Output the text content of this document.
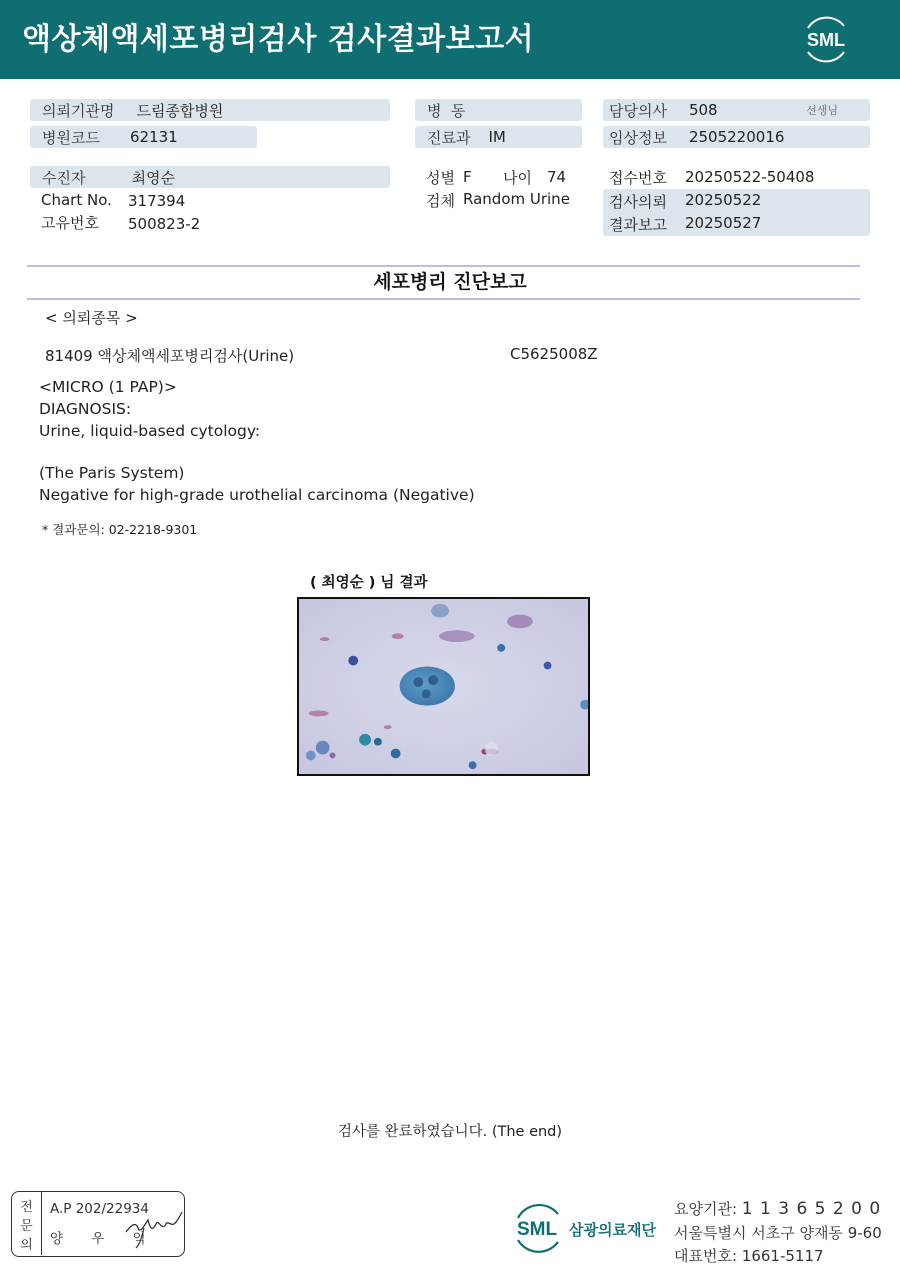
액상체액세포병리검사 검사결과보고서	SML
의뢰기관명 드림종합병원
병원코드 62131
수진자	최영순
Chart No. 317394
고유번호 500823-2
병  동
진료과 IM
성별 F 나이 74
검체 Random Urine
담당의사 508	선생님
임상정보 2505220016
접수번호 20250522-50408
검사의뢰 20250522
결과보고 20250527
세포병리 진단보고
< 의뢰종목 >
81409 액상체액세포병리검사(Urine)	C5625008Z
<MICRO (1 PAP)>
DIAGNOSIS:
Urine, liquid-based cytology:
(The Paris System)
Negative for high-grade urothelial carcinoma (Negative)
* 결과문의: 02-2218-9301
( 최영순 ) 님 결과
검사를 완료하였습니다. (The end)
전
문
의
A.P 202/22934
양 우 익	SML 삼광의료재단
요양기관: 1 1 3 6 5 2 0 0
서울특별시 서초구 양재동 9-60
대표번호: 1661-5117
